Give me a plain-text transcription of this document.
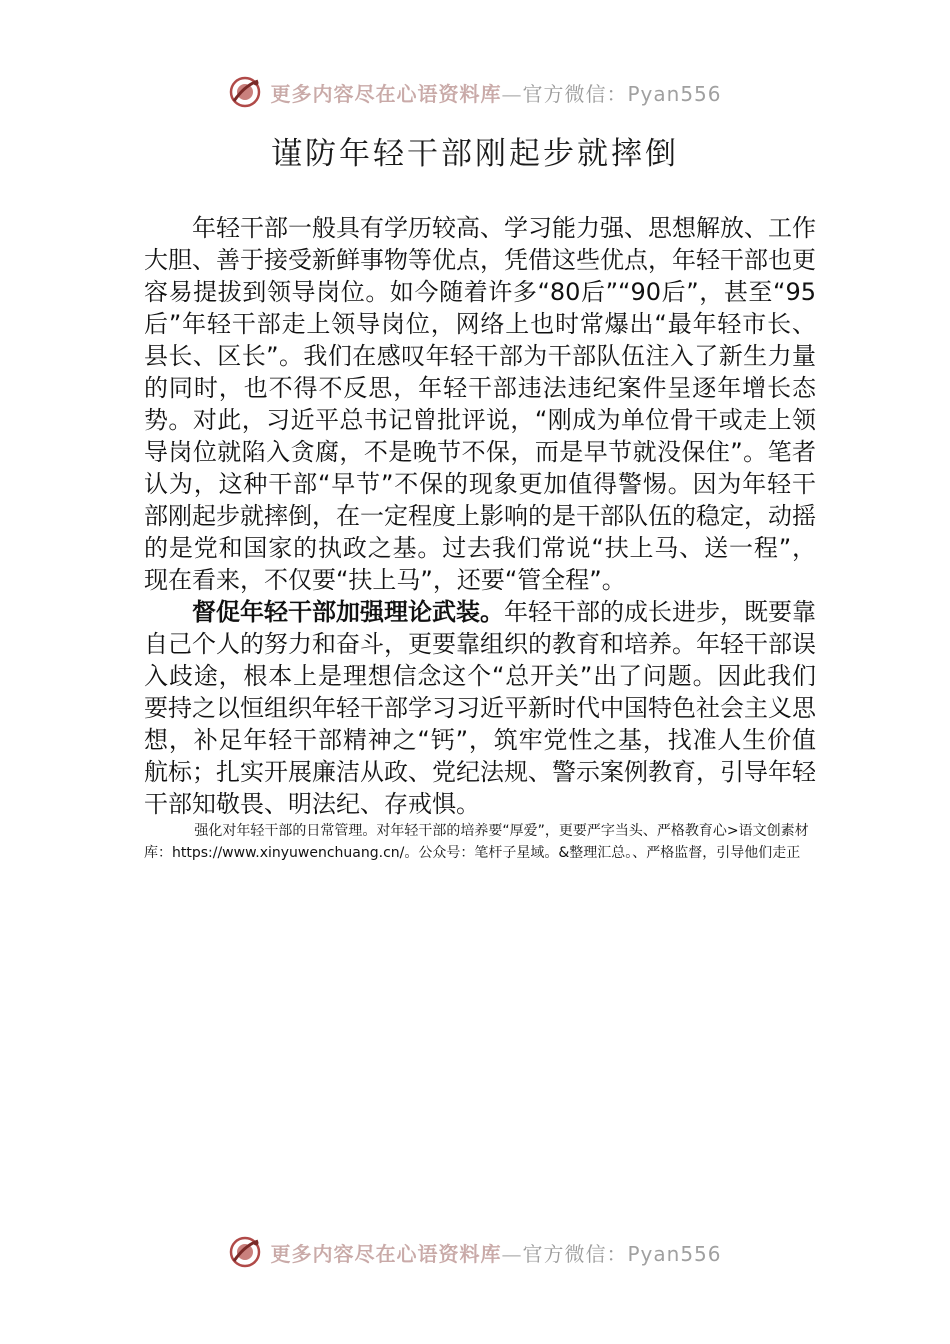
更多内容尽在心语资料库—官方微信：Pyan556
谨防年轻干部刚起步就摔倒

年轻干部一般具有学历较高、学习能力强、思想解放、工作大胆、善于接受新鲜事物等优点，凭借这些优点，年轻干部也更容易提拔到领导岗位。如今随着许多“80后”“90后”，甚至“95后”年轻干部走上领导岗位，网络上也时常爆出“最年轻市长、县长、区长”。我们在感叹年轻干部为干部队伍注入了新生力量的同时，也不得不反思，年轻干部违法违纪案件呈逐年增长态势。对此，习近平总书记曾批评说，“刚成为单位骨干或走上领导岗位就陷入贪腐，不是晚节不保，而是早节就没保住”。笔者认为，这种干部“早节”不保的现象更加值得警惕。因为年轻干部刚起步就摔倒，在一定程度上影响的是干部队伍的稳定，动摇的是党和国家的执政之基。过去我们常说“扶上马、送一程”，现在看来，不仅要“扶上马”，还要“管全程”。

督促年轻干部加强理论武装。年轻干部的成长进步，既要靠自己个人的努力和奋斗，更要靠组织的教育和培养。年轻干部误入歧途，根本上是理想信念这个“总开关”出了问题。因此我们要持之以恒组织年轻干部学习习近平新时代中国特色社会主义思想，补足年轻干部精神之“钙”，筑牢党性之基，找准人生价值航标；扎实开展廉洁从政、党纪法规、警示案例教育，引导年轻干部知敬畏、明法纪、存戒惧。

强化对年轻干部的日常管理。对年轻干部的培养要“厚爱”，更要严字当头、严格教育心>语文创素材库：https://www.xinyuwenchuang.cn/。公众号：笔杆子星域。&整理汇总。、严格监督，引导他们走正

更多内容尽在心语资料库—官方微信：Pyan556
